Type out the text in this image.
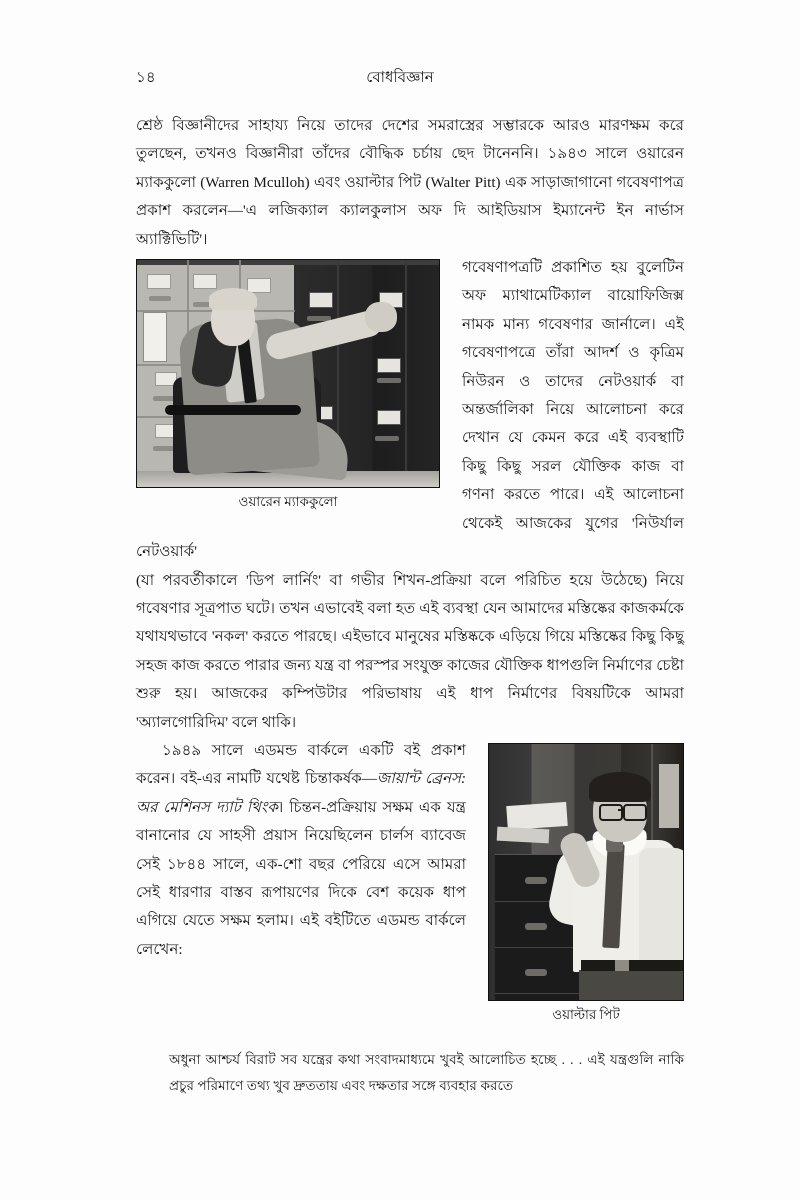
১৪	বোধবিজ্ঞান

শ্রেষ্ঠ বিজ্ঞানীদের সাহায্য নিয়ে তাদের দেশের সমরাস্ত্রের সম্ভারকে আরও মারণক্ষম করে তুলছেন, তখনও বিজ্ঞানীরা তাঁদের বৌদ্ধিক চর্চায় ছেদ টানেননি। ১৯৪৩ সালে ওয়ারেন ম্যাককুলো (Warren Mculloh) এবং ওয়াল্টার পিট (Walter Pitt) এক সাড়াজাগানো গবেষণাপত্র প্রকাশ করলেন—'এ লজিক্যাল ক্যালকুলাস অফ দি আইডিয়াস ইম্যানেন্ট ইন নার্ভাস অ্যাক্টিভিটি'।

ওয়ারেন ম্যাককুলো

গবেষণাপত্রটি প্রকাশিত হয় বুলেটিন অফ ম্যাথামেটিক্যাল বায়োফিজিক্স নামক মান্য গবেষণার জার্নালে। এই গবেষণাপত্রে তাঁরা আদর্শ ও কৃত্রিম নিউরন ও তাদের নেটওয়ার্ক বা অন্তর্জালিকা নিয়ে আলোচনা করে দেখান যে কেমন করে এই ব্যবস্থাটি কিছু কিছু সরল যৌক্তিক কাজ বা গণনা করতে পারে। এই আলোচনা থেকেই আজকের যুগের 'নিউর্যাল নেটওয়ার্ক'

(যা পরবর্তীকালে 'ডিপ লার্নিং' বা গভীর শিখন-প্রক্রিয়া বলে পরিচিত হয়ে উঠেছে) নিয়ে গবেষণার সূত্রপাত ঘটে। তখন এভাবেই বলা হত এই ব্যবস্থা যেন আমাদের মস্তিষ্কের কাজকর্মকে যথাযথভাবে 'নকল' করতে পারছে। এইভাবে মানুষের মস্তিষ্ককে এড়িয়ে গিয়ে মস্তিষ্কের কিছু কিছু সহজ কাজ করতে পারার জন্য যন্ত্র বা পরস্পর সংযুক্ত কাজের যৌক্তিক ধাপগুলি নির্মাণের চেষ্টা শুরু হয়। আজকের কম্পিউটার পরিভাষায় এই ধাপ নির্মাণের বিষয়টিকে আমরা 'অ্যালগোরিদিম' বলে থাকি।

ওয়াল্টার পিট

১৯৪৯ সালে এডমন্ড বার্কলে একটি বই প্রকাশ করেন। বই-এর নামটি যথেষ্ট চিন্তাকর্ষক—জায়ান্ট ব্রেনস: অর মেশিনস দ্যাট থিংক। চিন্তন-প্রক্রিয়ায় সক্ষম এক যন্ত্র বানানোর যে সাহসী প্রয়াস নিয়েছিলেন চার্লস ব্যাবেজ সেই ১৮৪৪ সালে, এক-শো বছর পেরিয়ে এসে আমরা সেই ধারণার বাস্তব রূপায়ণের দিকে বেশ কয়েক ধাপ এগিয়ে যেতে সক্ষম হলাম। এই বইটিতে এডমন্ড বার্কলে লেখেন:

অধুনা আশ্চর্য বিরাট সব যন্ত্রের কথা সংবাদমাধ্যমে খুবই আলোচিত হচ্ছে . . . এই যন্ত্রগুলি নাকি প্রচুর পরিমাণে তথ্য খুব দ্রুততায় এবং দক্ষতার সঙ্গে ব্যবহার করতে
